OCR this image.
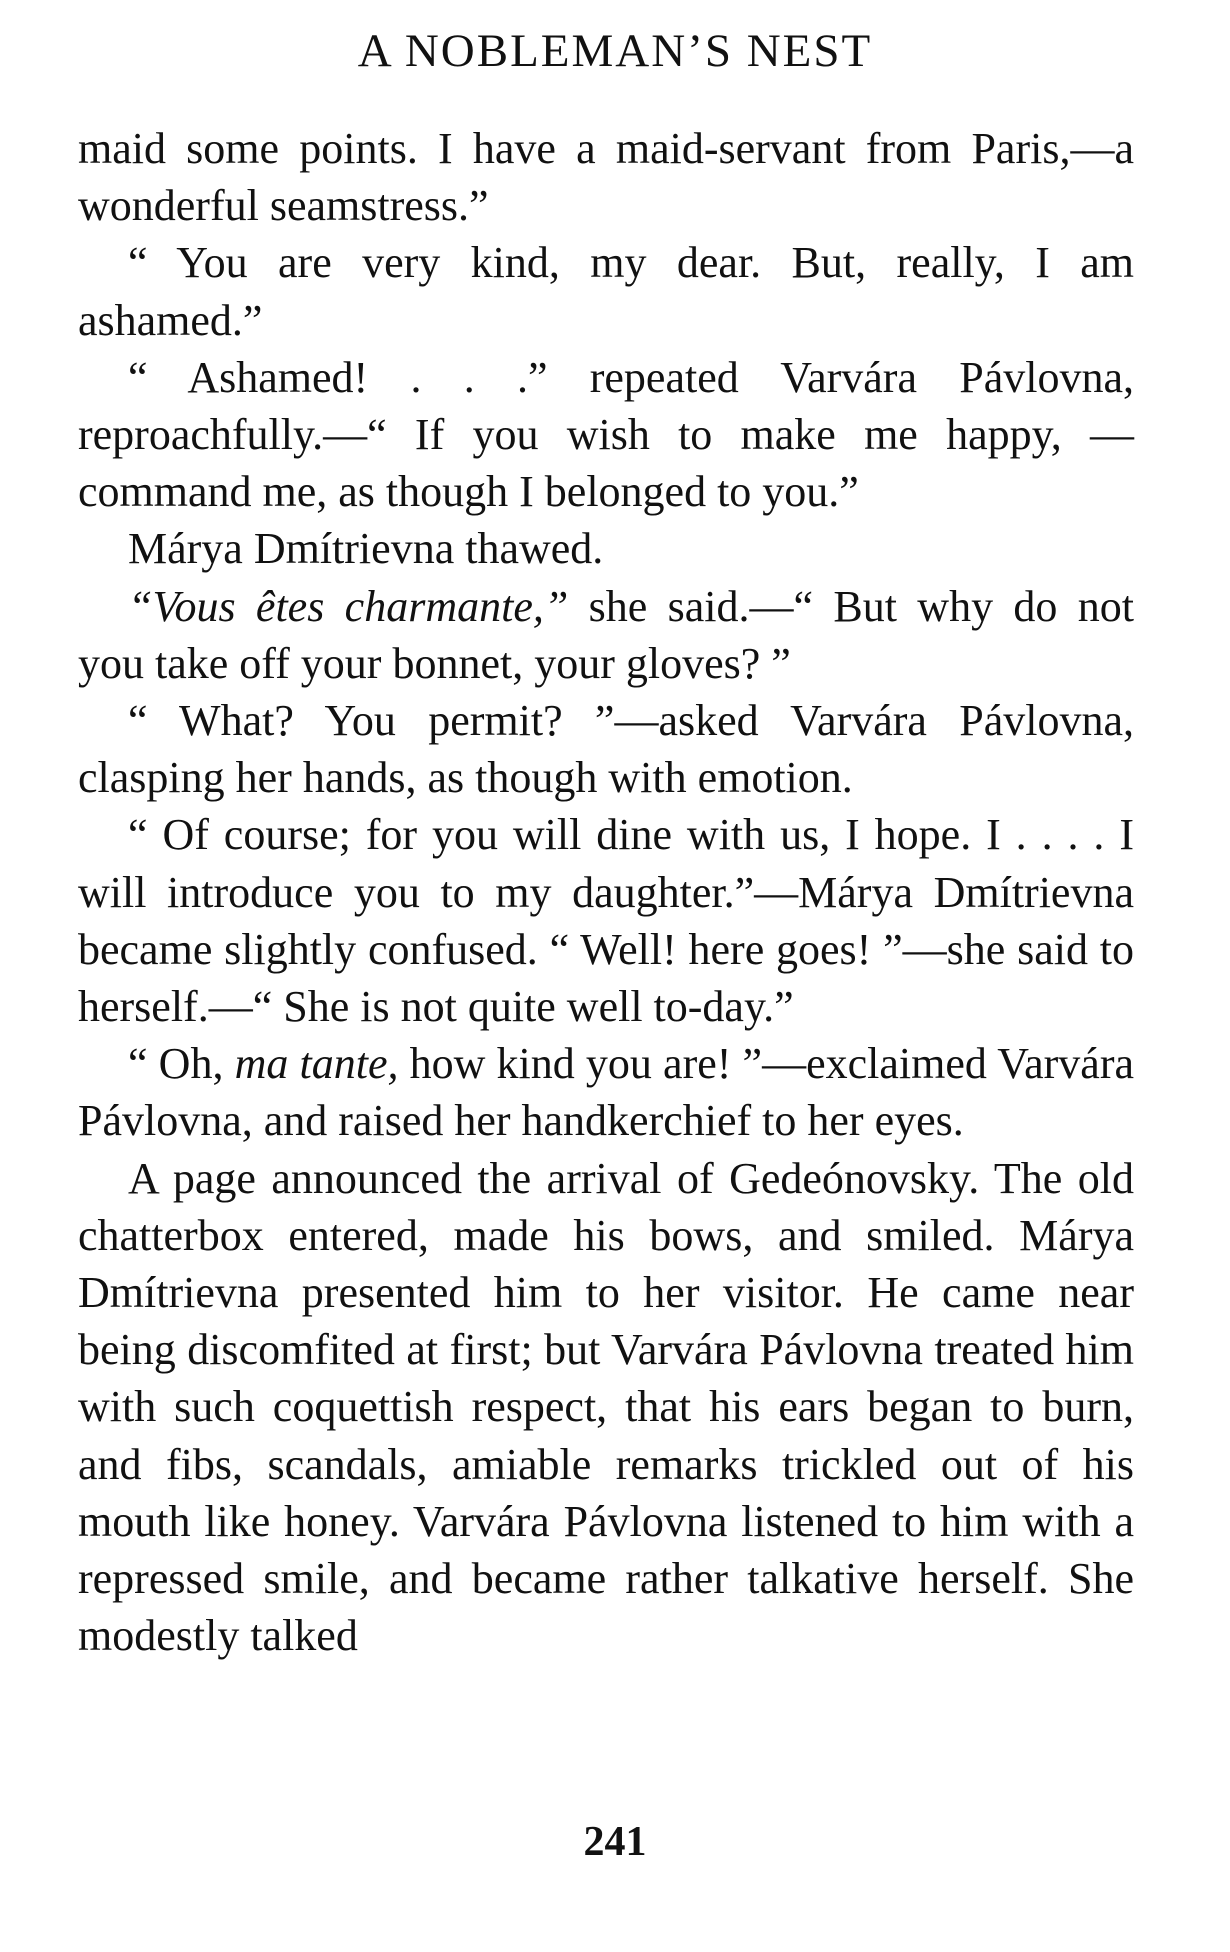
A NOBLEMAN’S NEST

maid some points. I have a maid-servant from Paris,—a wonderful seamstress.”

“ You are very kind, my dear. But, really, I am ashamed.”

“ Ashamed! . . .” repeated Varvára Pávlovna, reproachfully.—“ If you wish to make me happy, —command me, as though I belonged to you.”

Márya Dmítrievna thawed.

“Vous êtes charmante,” she said.—“ But why do not you take off your bonnet, your gloves? ”

“ What? You permit? ”—asked Varvára Pávlovna, clasping her hands, as though with emotion.

“ Of course; for you will dine with us, I hope. I . . . . I will introduce you to my daughter.”—Márya Dmítrievna became slightly confused. “ Well! here goes! ”—she said to herself.—“ She is not quite well to-day.”

“ Oh, ma tante, how kind you are! ”—exclaimed Varvára Pávlovna, and raised her handkerchief to her eyes.

A page announced the arrival of Gedeónovsky. The old chatterbox entered, made his bows, and smiled. Márya Dmítrievna presented him to her visitor. He came near being discomfited at first; but Varvára Pávlovna treated him with such coquettish respect, that his ears began to burn, and fibs, scandals, amiable remarks trickled out of his mouth like honey. Varvára Pávlovna listened to him with a repressed smile, and became rather talkative herself. She modestly talked

241
